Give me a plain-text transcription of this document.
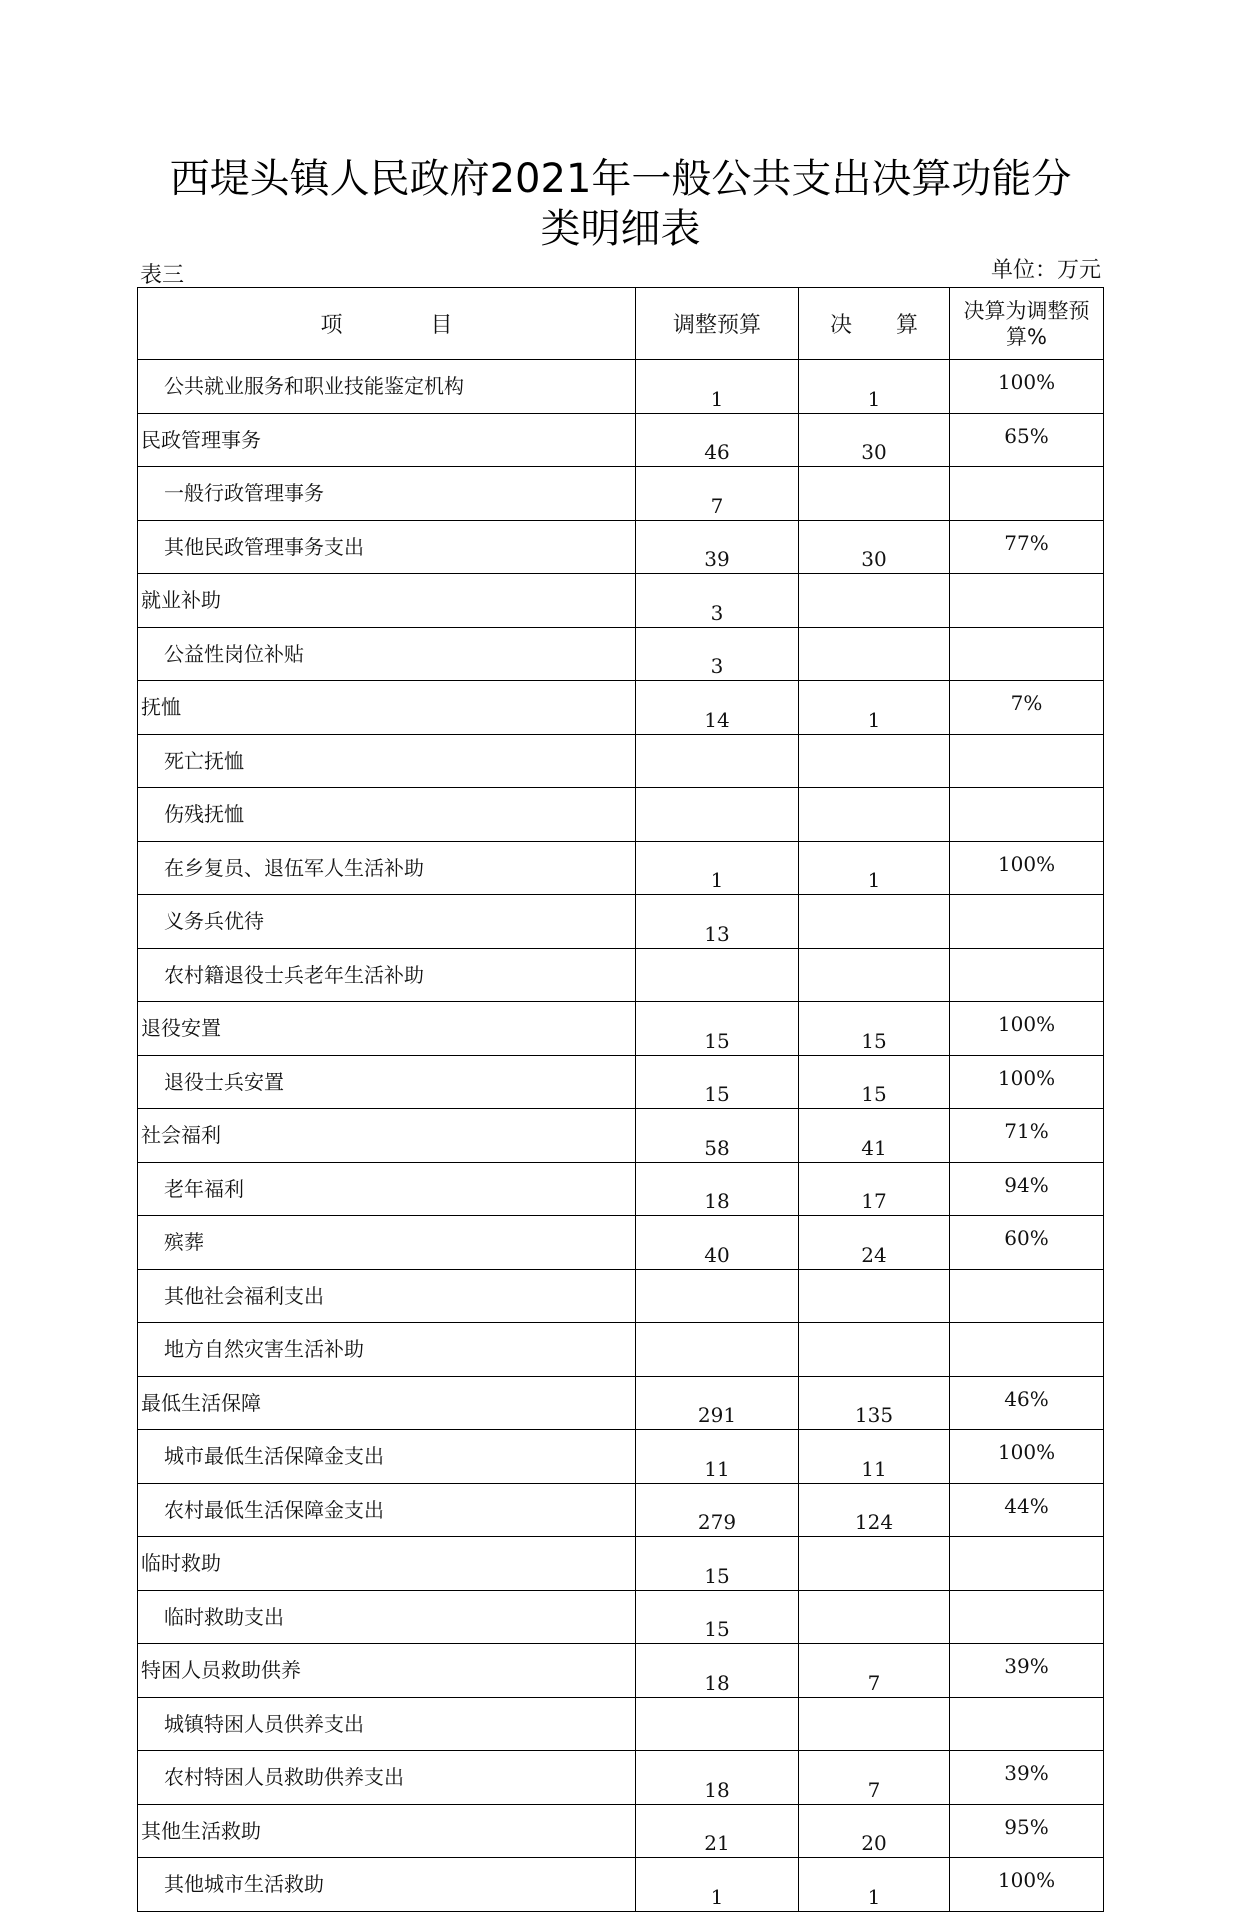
西堤头镇人民政府2021年一般公共支出决算功能分
类明细表
表三	单位：万元
项　　　　目	调整预算	决　　算	决算为调整预算%
公共就业服务和职业技能鉴定机构	1	1	100%
民政管理事务	46	30	65%
一般行政管理事务	7		
其他民政管理事务支出	39	30	77%
就业补助	3		
公益性岗位补贴	3		
抚恤	14	1	7%
死亡抚恤			
伤残抚恤			
在乡复员、退伍军人生活补助	1	1	100%
义务兵优待	13		
农村籍退役士兵老年生活补助			
退役安置	15	15	100%
退役士兵安置	15	15	100%
社会福利	58	41	71%
老年福利	18	17	94%
殡葬	40	24	60%
其他社会福利支出			
地方自然灾害生活补助			
最低生活保障	291	135	46%
城市最低生活保障金支出	11	11	100%
农村最低生活保障金支出	279	124	44%
临时救助	15		
临时救助支出	15		
特困人员救助供养	18	7	39%
城镇特困人员供养支出			
农村特困人员救助供养支出	18	7	39%
其他生活救助	21	20	95%
其他城市生活救助	1	1	100%
